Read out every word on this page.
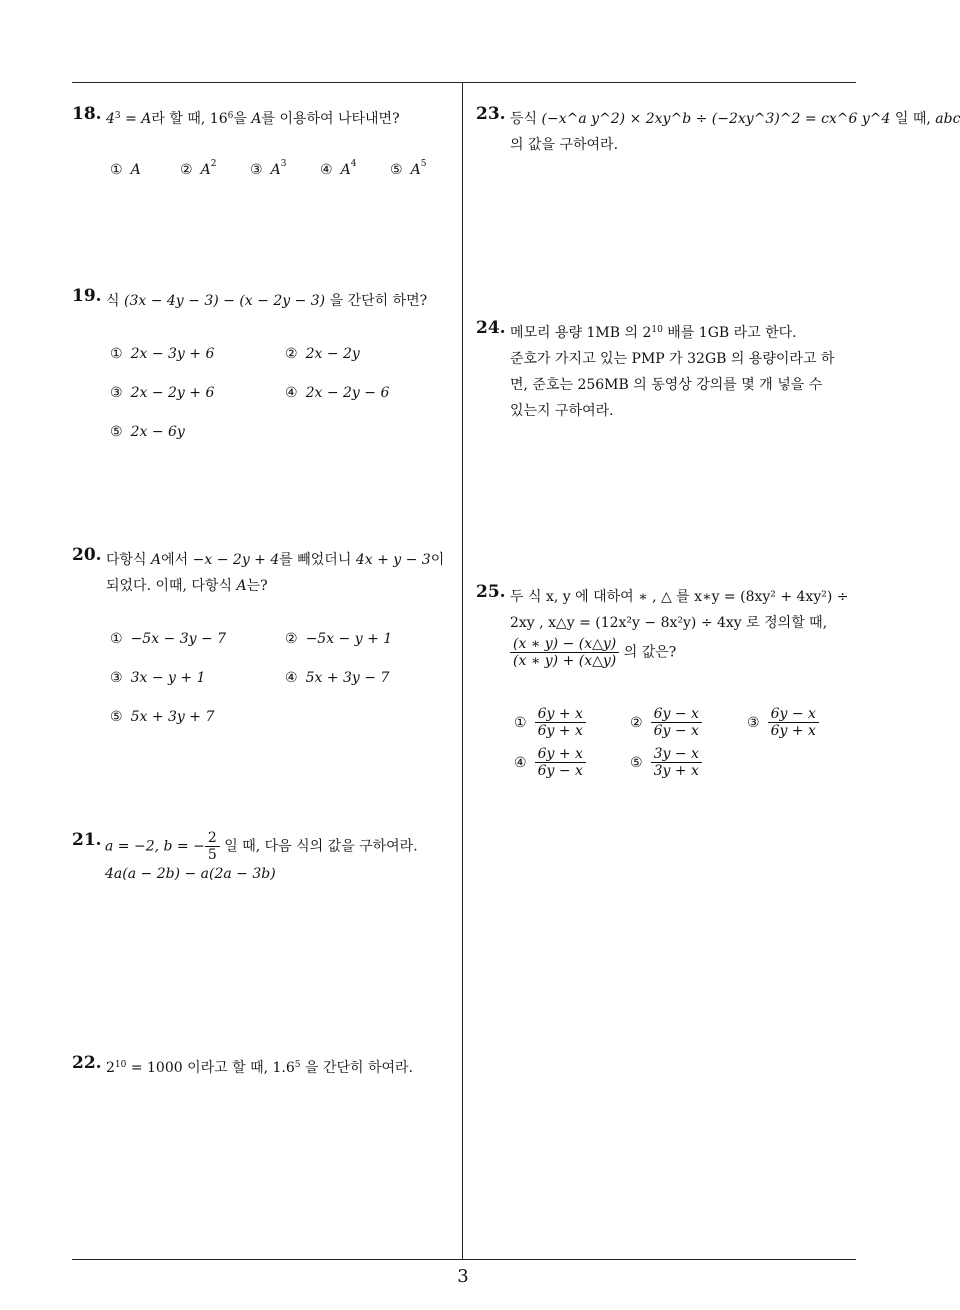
3
18. $4^3 = A$라 할 때, $16^6$을 A를 이용하여 나타내면?
① A	② $A^2$ ③ $A^3$ ④ $A^4$ ⑤ $A^5$
19. 식 (3x − 4y − 3) − (x − 2y − 3) 을 간단히 하면?
① 2x − 3y + 6	② 2x − 2y
③ 2x − 2y + 6	④ 2x − 2y − 6
⑤ 2x − 6y
20. 다항식 A에서 −x − 2y + 4를 빼었더니 4x + y − 3이
되었다. 이때, 다항식 A는?
① −5x − 3y − 7	② −5x − y + 1
③ 3x − y + 1	④ 5x + 3y − 7
⑤ 5x + 3y + 7
21. a = −2, b = − $\frac{2}{5}$ 일 때, 다음 식의 값을 구하여라.
4a(a − 2b) − a(2a − 3b)
22. $2^{10} = 1000$ 이라고 할 때, $1.6^5$ 을 간단히 하여라.
23. 등식 (−x^a y^2) × 2xy^b ÷ (−2xy^3)^2 = cx^6 y^4 일 때, abc
의 값을 구하여라.
24. 메모리 용량 1MB 의 $2^{10}$ 배를 1GB 라고 한다.
준호가 가지고 있는 PMP 가 32GB 의 용량이라고 하
면, 준호는 256MB 의 동영상 강의를 몇 개 넣을 수
있는지 구하여라.
25. 두 식 x, y 에 대하여 ∗ , △ 를 x∗y = (8xy² + 4xy²) ÷
2xy , x△y = (12x²y − 8x²y) ÷ 4xy 로 정의할 때,
$\frac{(x ∗ y) - (x\triangle y)}{(x ∗ y) + (x\triangle y)}$ 의 값은?
① $\frac{6y + x}{6y + x}$	② $\frac{6y - x}{6y - x}$	③ $\frac{6y - x}{6y + x}$
④ $\frac{6y + x}{6y - x}$	⑤ $\frac{3y - x}{3y + x}$
